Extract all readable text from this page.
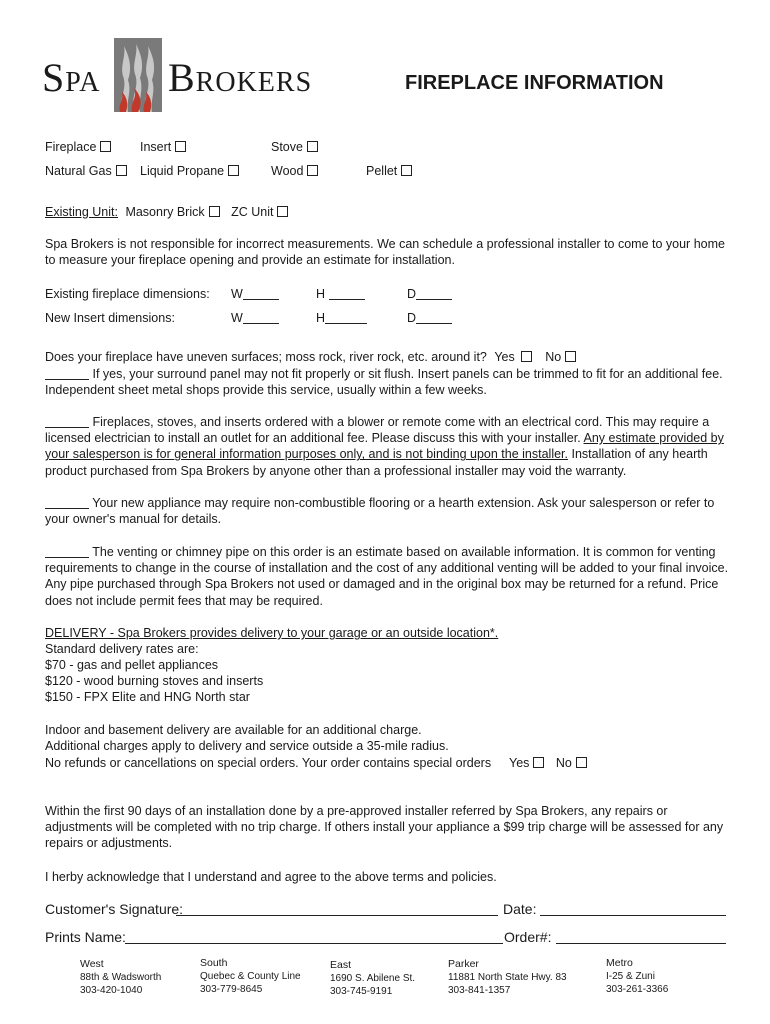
Spa Brokers	FIREPLACE INFORMATION
Fireplace	Insert	Stove
Natural Gas	Liquid Propane	Wood	Pellet
Existing Unit: Masonry Brick ZC Unit
Spa Brokers is not responsible for incorrect measurements. We can schedule a professional installer to come to your home to measure your fireplace opening and provide an estimate for installation.
Existing fireplace dimensions: W	H	D
New Insert dimensions:	W	H	D
Does your fireplace have uneven surfaces; moss rock, river rock, etc. around it? Yes No
If yes, your surround panel may not fit properly or sit flush. Insert panels can be trimmed to fit for an additional fee. Independent sheet metal shops provide this service, usually within a few weeks.
Fireplaces, stoves, and inserts ordered with a blower or remote come with an electrical cord. This may require a licensed electrician to install an outlet for an additional fee. Please discuss this with your installer. Any estimate provided by your salesperson is for general information purposes only, and is not binding upon the installer. Installation of any hearth product purchased from Spa Brokers by anyone other than a professional installer may void the warranty.
Your new appliance may require non-combustible flooring or a hearth extension. Ask your salesperson or refer to your owner's manual for details.
The venting or chimney pipe on this order is an estimate based on available information. It is common for venting requirements to change in the course of installation and the cost of any additional venting will be added to your final invoice. Any pipe purchased through Spa Brokers not used or damaged and in the original box may be returned for a refund. Price does not include permit fees that may be required.
DELIVERY - Spa Brokers provides delivery to your garage or an outside location*.
Standard delivery rates are:
$70 - gas and pellet appliances
$120 - wood burning stoves and inserts
$150 - FPX Elite and HNG North star
Indoor and basement delivery are available for an additional charge.
Additional charges apply to delivery and service outside a 35-mile radius.
No refunds or cancellations on special orders. Your order contains special orders Yes No
Within the first 90 days of an installation done by a pre-approved installer referred by Spa Brokers, any repairs or adjustments will be completed with no trip charge. If others install your appliance a $99 trip charge will be assessed for any repairs or adjustments.
I herby acknowledge that I understand and agree to the above terms and policies.
Customer's Signature:	Date:
Prints Name:	Order#:
West
88th & Wadsworth
303-420-1040
South
Quebec & County Line
303-779-8645
East
1690 S. Abilene St.
303-745-9191
Parker
11881 North State Hwy. 83
303-841-1357
Metro
I-25 & Zuni
303-261-3366
